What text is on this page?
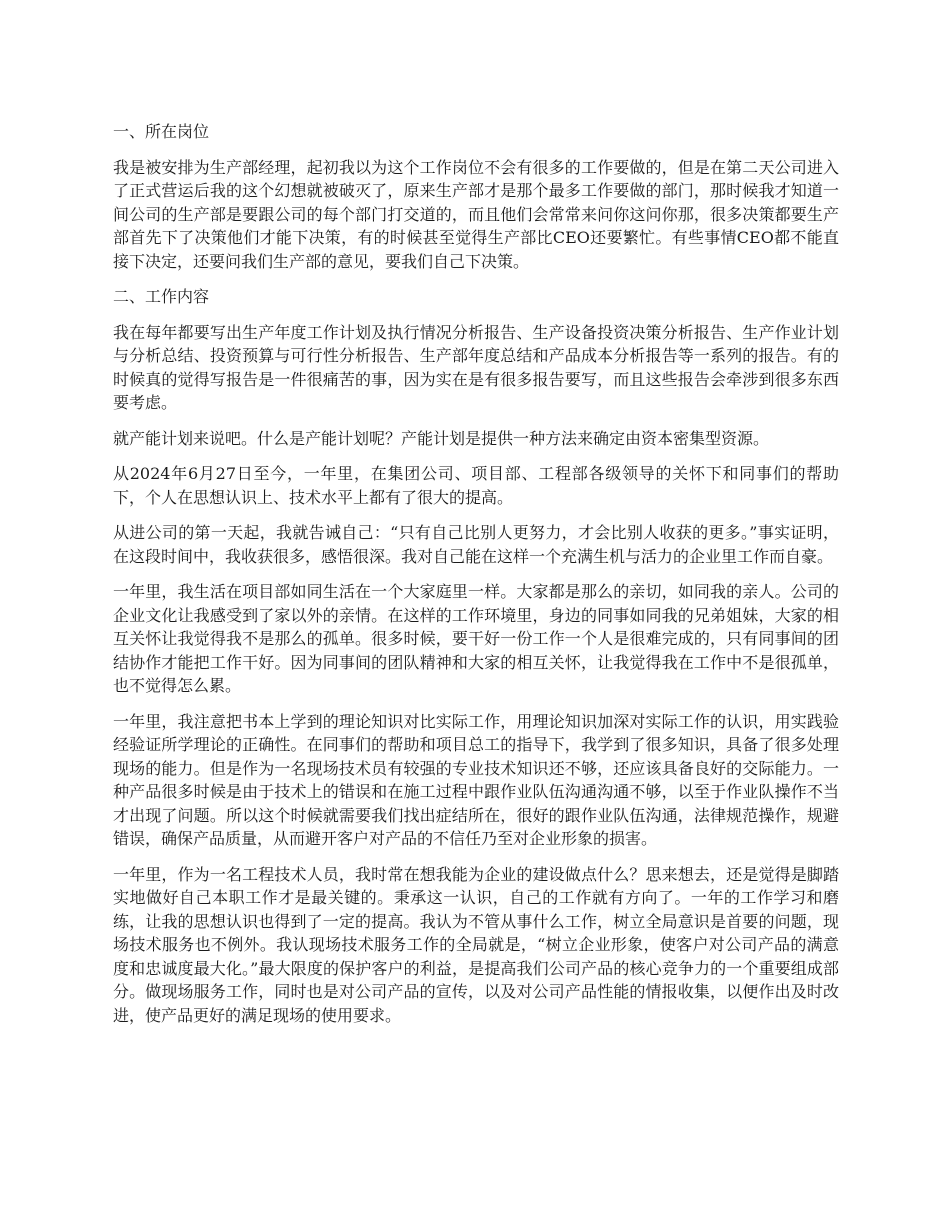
一、所在岗位

我是被安排为生产部经理，起初我以为这个工作岗位不会有很多的工作要做的，但是在第二天公司进入了正式营运后我的这个幻想就被破灭了，原来生产部才是那个最多工作要做的部门，那时候我才知道一间公司的生产部是要跟公司的每个部门打交道的，而且他们会常常来问你这问你那，很多决策都要生产部首先下了决策他们才能下决策，有的时候甚至觉得生产部比CEO还要繁忙。有些事情CEO都不能直接下决定，还要问我们生产部的意见，要我们自己下决策。

二、工作内容

我在每年都要写出生产年度工作计划及执行情况分析报告、生产设备投资决策分析报告、生产作业计划与分析总结、投资预算与可行性分析报告、生产部年度总结和产品成本分析报告等一系列的报告。有的时候真的觉得写报告是一件很痛苦的事，因为实在是有很多报告要写，而且这些报告会牵涉到很多东西要考虑。

就产能计划来说吧。什么是产能计划呢？产能计划是提供一种方法来确定由资本密集型资源。

从2024年6月27日至今，一年里，在集团公司、项目部、工程部各级领导的关怀下和同事们的帮助下，个人在思想认识上、技术水平上都有了很大的提高。

从进公司的第一天起，我就告诫自己：“只有自己比别人更努力，才会比别人收获的更多。”事实证明，在这段时间中，我收获很多，感悟很深。我对自己能在这样一个充满生机与活力的企业里工作而自豪。

一年里，我生活在项目部如同生活在一个大家庭里一样。大家都是那么的亲切，如同我的亲人。公司的企业文化让我感受到了家以外的亲情。在这样的工作环境里，身边的同事如同我的兄弟姐妹，大家的相互关怀让我觉得我不是那么的孤单。很多时候，要干好一份工作一个人是很难完成的，只有同事间的团结协作才能把工作干好。因为同事间的团队精神和大家的相互关怀，让我觉得我在工作中不是很孤单，也不觉得怎么累。

一年里，我注意把书本上学到的理论知识对比实际工作，用理论知识加深对实际工作的认识，用实践验经验证所学理论的正确性。在同事们的帮助和项目总工的指导下，我学到了很多知识，具备了很多处理现场的能力。但是作为一名现场技术员有较强的专业技术知识还不够，还应该具备良好的交际能力。一种产品很多时候是由于技术上的错误和在施工过程中跟作业队伍沟通沟通不够，以至于作业队操作不当才出现了问题。所以这个时候就需要我们找出症结所在，很好的跟作业队伍沟通，法律规范操作，规避错误，确保产品质量，从而避开客户对产品的不信任乃至对企业形象的损害。

一年里，作为一名工程技术人员，我时常在想我能为企业的建设做点什么？思来想去，还是觉得是脚踏实地做好自己本职工作才是最关键的。秉承这一认识，自己的工作就有方向了。一年的工作学习和磨练，让我的思想认识也得到了一定的提高。我认为不管从事什么工作，树立全局意识是首要的问题，现场技术服务也不例外。我认现场技术服务工作的全局就是，“树立企业形象，使客户对公司产品的满意度和忠诚度最大化。”最大限度的保护客户的利益，是提高我们公司产品的核心竞争力的一个重要组成部分。做现场服务工作，同时也是对公司产品的宣传，以及对公司产品性能的情报收集，以便作出及时改进，使产品更好的满足现场的使用要求。
